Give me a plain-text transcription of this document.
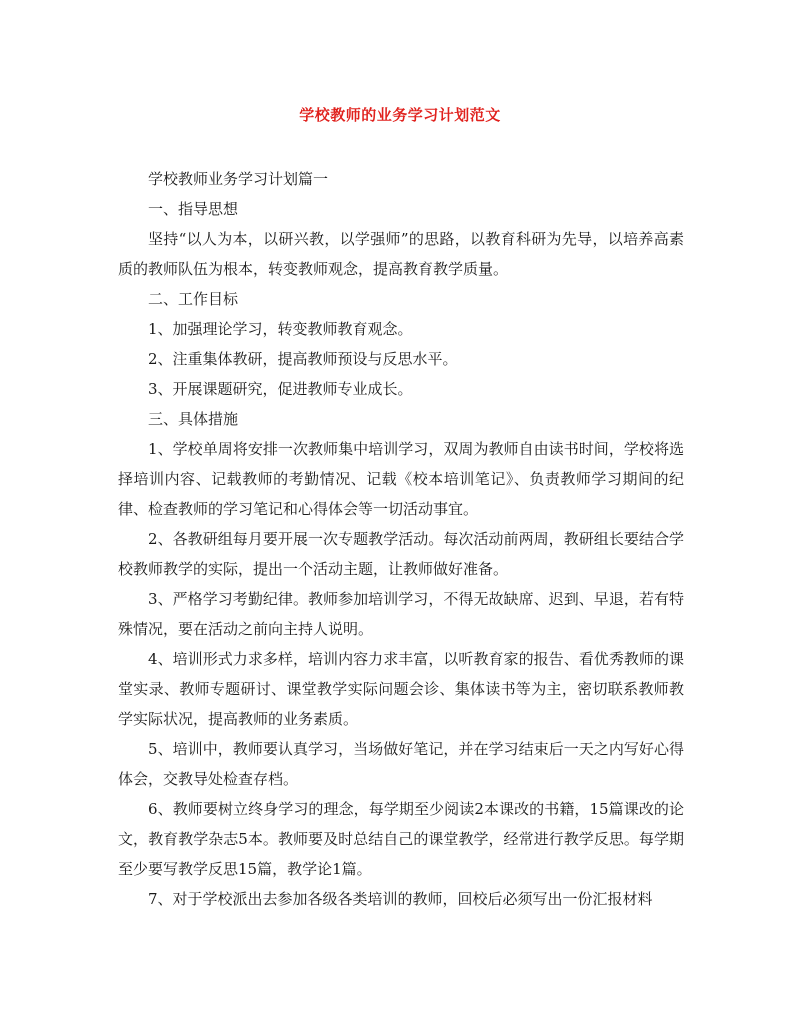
学校教师的业务学习计划范文

学校教师业务学习计划篇一

一、指导思想

坚持“以人为本，以研兴教，以学强师”的思路，以教育科研为先导，以培养高素质的教师队伍为根本，转变教师观念，提高教育教学质量。

二、工作目标

1、加强理论学习，转变教师教育观念。

2、注重集体教研，提高教师预设与反思水平。

3、开展课题研究，促进教师专业成长。

三、具体措施

1、学校单周将安排一次教师集中培训学习，双周为教师自由读书时间，学校将选择培训内容、记载教师的考勤情况、记载《校本培训笔记》、负责教师学习期间的纪律、检查教师的学习笔记和心得体会等一切活动事宜。

2、各教研组每月要开展一次专题教学活动。每次活动前两周，教研组长要结合学校教师教学的实际，提出一个活动主题，让教师做好准备。

3、严格学习考勤纪律。教师参加培训学习，不得无故缺席、迟到、早退，若有特殊情况，要在活动之前向主持人说明。

4、培训形式力求多样，培训内容力求丰富，以听教育家的报告、看优秀教师的课堂实录、教师专题研讨、课堂教学实际问题会诊、集体读书等为主，密切联系教师教学实际状况，提高教师的业务素质。

5、培训中，教师要认真学习，当场做好笔记，并在学习结束后一天之内写好心得体会，交教导处检查存档。

6、教师要树立终身学习的理念，每学期至少阅读2本课改的书籍，15篇课改的论文，教育教学杂志5本。教师要及时总结自己的课堂教学，经常进行教学反思。每学期至少要写教学反思15篇，教学论1篇。

7、对于学校派出去参加各级各类培训的教师，回校后必须写出一份汇报材料
